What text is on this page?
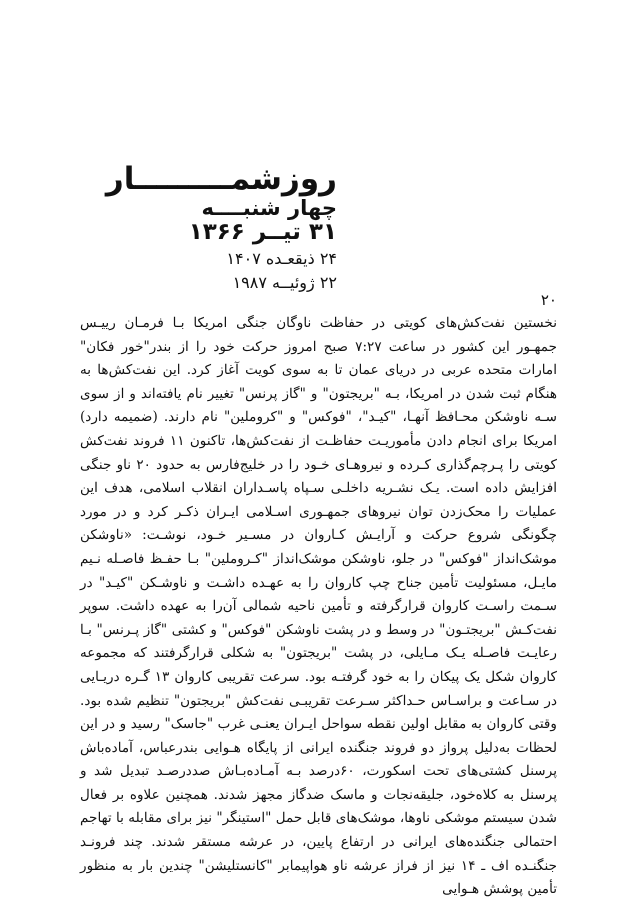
روزشمـــــــــار
چهار شنبــــه
۳۱ تیــر ۱۳۶۶
۲۴ ذیقعـده ۱۴۰۷
۲۲ ژوئیــه ۱۹۸۷
۲۰

نخستین نفت‌کش‌های کویتی در حفاظت ناوگان جنگی امریکا بـا فرمـان رییـس جمهـور این کشور در ساعت ۷:۲۷ صبح امروز حرکت خود را از بندر"خور فکان" امارات متحده عربی در دریای عمان تا به سوی کویت آغاز کرد. این نفت‌کش‌ها به هنگام ثبت شدن در امریکا، بـه "بریجتون" و "گاز پرنس" تغییر نام یافته‌اند و از سوی سـه ناوشکن محـافظ آنهـا، "کیـد"، "فوکس" و "کروملین" نام دارند. (ضمیمه دارد) امریکا برای انجام دادن مأموریـت حفاظـت از نفت‌کش‌ها، تاکنون ۱۱ فروند نفت‌کش کویتی را پـرچم‌گذاری کـرده و نیروهـای خـود را در خلیج‌فارس به حدود ۲۰ ناو جنگی افزایش داده است. یـک نشـریه داخلـی سـپاه پاسـداران انقلاب اسلامی، هدف این عملیات را محک‌زدن توان نیروهای جمهـوری اسـلامی ایـران ذکـر کرد و در مورد چگونگی شروع حرکت و آرایـش کـاروان در مسـیر خـود، نوشـت: «ناوشکن موشک‌انداز "فوکس" در جلو، ناوشکن موشک‌انداز "کـروملین" بـا حفـظ فاصـله نـیم مایـل، مسئولیت تأمین جناح چپ کاروان را به عهـده داشـت و ناوشـکن "کیـد" در سـمت راسـت کاروان قرارگرفته و تأمین ناحیه شمالی آن‌را به عهده داشت. سوپر نفت‌کـش "بریجتـون" در وسط و در پشت ناوشکن "فوکس" و کشتی "گاز پـرنس" بـا رعایـت فاصـله یـک مـایلی، در پشت "بریجتون" به شکلی قرارگرفتند که مجموعه کاروان شکل یک پیکان را به خود گرفتـه بود. سرعت تقریبی کاروان ۱۳ گـره دریـایی در سـاعت و براسـاس حـداکثر سـرعت تقریبـی نفت‌کش "بریجتون" تنظیم شده بود. وقتی کاروان به مقابل اولین نقطه سواحل ایـران یعنـی غرب "جاسک" رسید و در این لحظات به‌دلیل پرواز دو فروند جنگنده ایرانی از پایگاه هـوایی بندرعباس، آماده‌باش پرسنل کشتی‌های تحت اسکورت، ۶۰درصد بـه آمـاده‌بـاش صددرصـد تبدیل شد و پرسنل به کلاه‌خود، جلیقه‌نجات و ماسک ضدگاز مجهز شدند. همچنین علاوه بر فعال شدن سیستم موشکی ناوها، موشک‌های قابل حمل "استینگر" نیز برای مقابله با تهاجم احتمالی جنگنده‌های ایرانی در ارتفاع پایین، در عرشه مستقر شدند. چند فرونـد جنگنـده اف ـ ۱۴ نیز از فراز عرشه ناو هواپیمابر "کانستلیشن" چندین بار به منظور تأمین پوشش هـوایی
